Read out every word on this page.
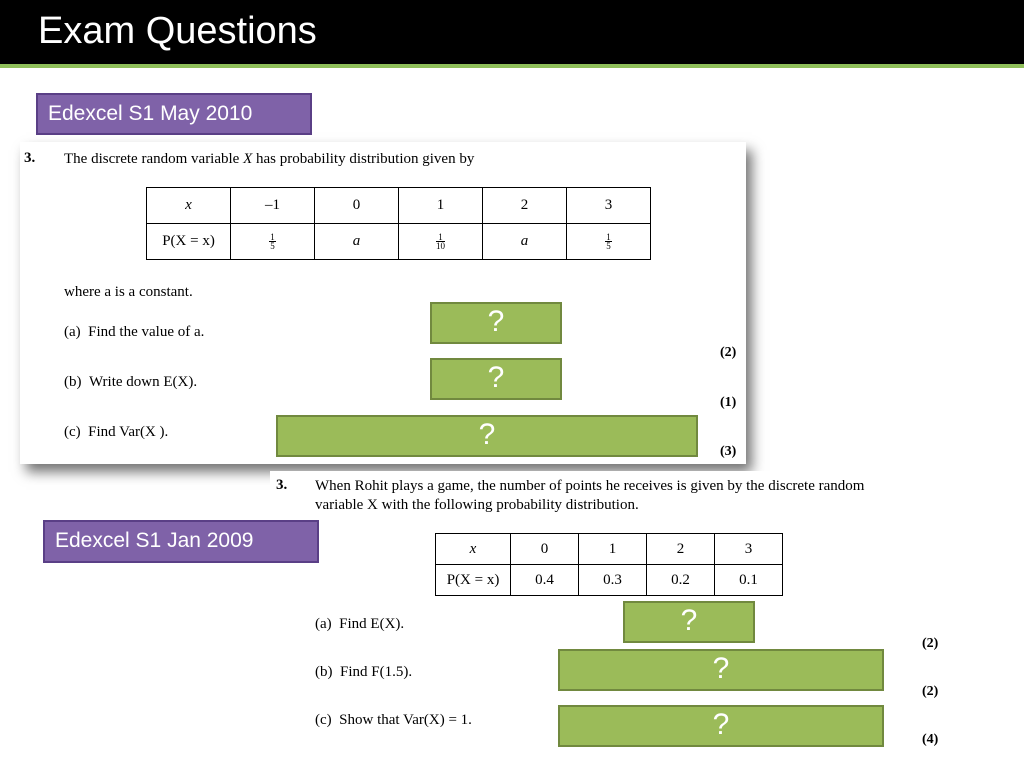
Exam Questions
Edexcel S1 May 2010
3. The discrete random variable X has probability distribution given by
x	–1	0	1	2	3
P(X = x)	$\frac{1}{5}$	a	$\frac{1}{10}$	a	$\frac{1}{5}$
where a is a constant.
(a) Find the value of a.
(2)
(b) Write down E(X).
(1)
(c) Find Var(X ).
(3)
?
?
?
3. When Rohit plays a game, the number of points he receives is given by the discrete random
variable X with the following probability distribution.
x	0	1	2	3
P(X = x)	0.4	0.3	0.2	0.1
(a) Find E(X).
(2)
(b) Find F(1.5).
(2)
(c) Show that Var(X) = 1.
(4)
Edexcel S1 Jan 2009
?
?
?
